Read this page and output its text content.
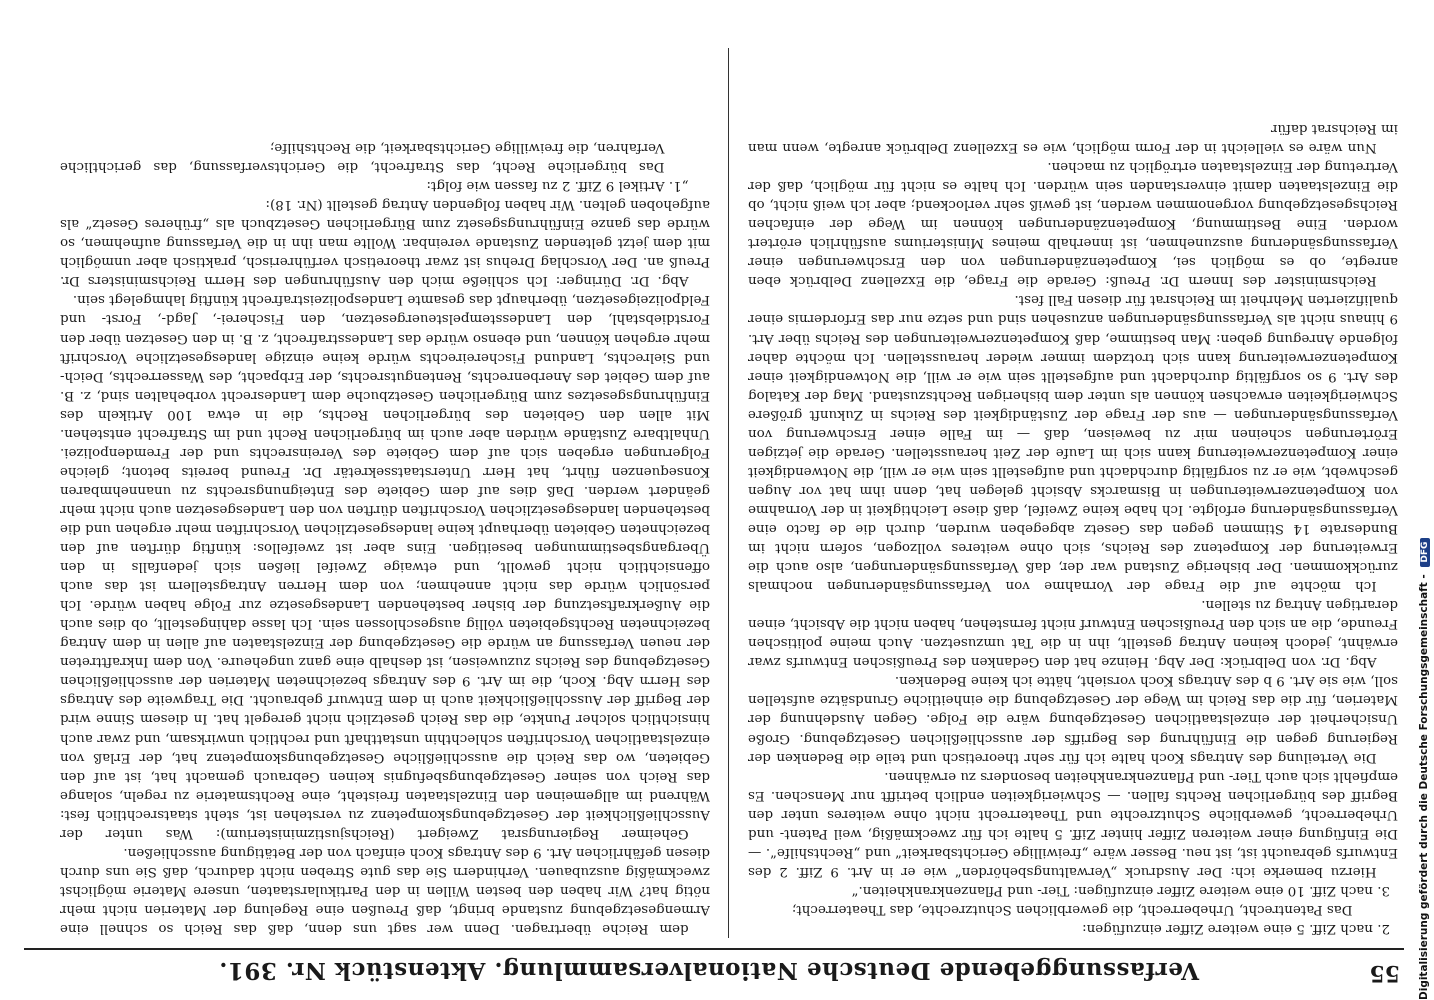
55
Verfassunggebende Deutsche Nationalversammlung. Aktenstück Nr. 391.

2. nach Ziff. 5 eine weitere Ziffer einzufügen:

Das Patentrecht, Urheberrecht, die gewerblichen Schutzrechte, das Theaterrecht;

3. nach Ziff. 10 eine weitere Ziffer einzufügen: Tier- und Pflanzenkrankheiten.“

Hierzu bemerke ich: Der Ausdruck „Verwaltungsbehörden“ wie er in Art. 9 Ziff. 2 des Entwurfs gebraucht ist, ist neu. Besser wäre „freiwillige Gerichtsbarkeit“ und „Rechtshilfe“. — Die Einfügung einer weiteren Ziffer hinter Ziff. 5 halte ich für zweckmäßig, weil Patent- und Urheberrecht, gewerbliche Schutzrechte und Theaterrecht nicht ohne weiteres unter den Begriff des bürgerlichen Rechts fallen. — Schwierigkeiten endlich betrifft nur Menschen. Es empfiehlt sich auch Tier- und Pflanzenkrankheiten besonders zu erwähnen.

Die Verteilung des Antrags Koch halte ich für sehr theoretisch und teile die Bedenken der Regierung gegen die Einführung des Begriffs der ausschließlichen Gesetzgebung. Große Unsicherheit der einzelstaatlichen Gesetzgebung wäre die Folge. Gegen Ausdehnung der Materien, für die das Reich im Wege der Gesetzgebung die einheitliche Grundsätze aufstellen soll, wie sie Art. 9 b des Antrags Koch vorsieht, hätte ich keine Bedenken.

Abg. Dr. von Delbrück: Der Abg. Heinze hat den Gedanken des Preußischen Entwurfs zwar erwähnt, jedoch keinen Antrag gestellt, ihn in die Tat umzusetzen. Auch meine politischen Freunde, die an sich den Preußischen Entwurf nicht fernstehen, haben nicht die Absicht, einen derartigen Antrag zu stellen.

Ich möchte auf die Frage der Vornahme von Verfassungsänderungen nochmals zurückkommen. Der bisherige Zustand war der, daß Verfassungsänderungen, also auch die Erweiterung der Kompetenz des Reichs, sich ohne weiteres vollzogen, sofern nicht im Bundesrate 14 Stimmen gegen das Gesetz abgegeben wurden, durch die de facto eine Verfassungsänderung erfolgte. Ich habe keine Zweifel, daß diese Leichtigkeit in der Vornahme von Kompetenzerweiterungen in Bismarcks Absicht gelegen hat, denn ihm hat vor Augen geschwebt, wie er zu sorgfältig durchdacht und aufgestellt sein wie er will, die Notwendigkeit einer Kompetenzerweiterung kann sich im Laufe der Zeit herausstellen. Gerade die jetzigen Erörterungen scheinen mir zu beweisen, daß — im Falle einer Erschwerung von Verfassungsänderungen — aus der Frage der Zuständigkeit des Reichs in Zukunft größere Schwierigkeiten erwachsen können als unter dem bisherigen Rechtszustand. Mag der Katalog des Art. 9 so sorgfältig durchdacht und aufgestellt sein wie er will, die Notwendigkeit einer Kompetenzerweiterung kann sich trotzdem immer wieder herausstellen. Ich möchte daher folgende Anregung geben: Man bestimme, daß Kompetenzerweiterungen des Reichs über Art. 9 hinaus nicht als Verfassungsänderungen anzusehen sind und setze nur das Erfordernis einer qualifizierten Mehrheit im Reichsrat für diesen Fall fest.

Reichsminister des Innern Dr. Preuß: Gerade die Frage, die Exzellenz Delbrück eben anregte, ob es möglich sei, Kompetenzänderungen von den Erschwerungen einer Verfassungsänderung auszunehmen, ist innerhalb meines Ministeriums ausführlich erörtert worden. Eine Bestimmung, Kompetenzänderungen können im Wege der einfachen Reichsgesetzgebung vorgenommen werden, ist gewiß sehr verlockend; aber ich weiß nicht, ob die Einzelstaaten damit einverstanden sein würden. Ich halte es nicht für möglich, daß der Vertretung der Einzelstaaten ertröglich zu machen.

Nun wäre es vielleicht in der Form möglich, wie es Exzellenz Delbrück anregte, wenn man im Reichsrat dafür

dem Reiche übertragen. Denn wer sagt uns denn, daß das Reich so schnell eine Armengesetzgebung zustande bringt, daß Preußen eine Regelung der Materien nicht mehr nötig hat? Wir haben den besten Willen in den Partikularstaaten, unsere Materie möglichst zweckmäßig auszubauen. Verhindern Sie das gute Streben nicht dadurch, daß Sie uns durch diesen gefährlichen Art. 9 des Antrags Koch einfach von der Betätigung ausschließen.

Geheimer Regierungsrat Zweigert (Reichsjustizministerium): Was unter der Ausschließlichkeit der Gesetzgebungskompetenz zu verstehen ist, steht staatsrechtlich fest: Während im allgemeinen den Einzelstaaten freisteht, eine Rechtsmaterie zu regeln, solange das Reich von seiner Gesetzgebungsbefugnis keinen Gebrauch gemacht hat, ist auf den Gebieten, wo das Reich die ausschließliche Gesetzgebungskompetenz hat, der Erlaß von einzelstaatlichen Vorschriften schlechthin unstatthaft und rechtlich unwirksam, und zwar auch hinsichtlich solcher Punkte, die das Reich gesetzlich nicht geregelt hat. In diesem Sinne wird der Begriff der Ausschließlichkeit auch in dem Entwurf gebraucht. Die Tragweite des Antrags des Herrn Abg. Koch, die im Art. 9 des Antrags bezeichneten Materien der ausschließlichen Gesetzgebung des Reichs zuzuweisen, ist deshalb eine ganz ungeheure. Von dem Inkrafttreten der neuen Verfassung an würde die Gesetzgebung der Einzelstaaten auf allen in dem Antrag bezeichneten Rechtsgebieten völlig ausgeschlossen sein. Ich lasse dahingestellt, ob dies auch die Außerkraftsetzung der bisher bestehenden Landesgesetze zur Folge haben würde. Ich persönlich würde das nicht annehmen; von dem Herren Antragstellern ist das auch offensichtlich nicht gewollt, und etwaige Zweifel ließen sich jedenfalls in den Übergangsbestimmungen beseitigen. Eins aber ist zweifellos: künftig dürften auf den bezeichneten Gebieten überhaupt keine landesgesetzlichen Vorschriften mehr ergehen und die bestehenden landesgesetzlichen Vorschriften dürften von den Landesgesetzen auch nicht mehr geändert werden. Daß dies auf dem Gebiete des Enteignungsrechts zu unannehmbaren Konsequenzen führt, hat Herr Unterstaatssekretär Dr. Freund bereits betont; gleiche Folgerungen ergeben sich auf dem Gebiete des Vereinsrechts und der Fremdenpolizei. Unhaltbare Zustände würden aber auch im bürgerlichen Recht und im Strafrecht entstehen. Mit allen den Gebieten des bürgerlichen Rechts, die in etwa 100 Artikeln des Einführungsgesetzes zum Bürgerlichen Gesetzbuche dem Landesrecht vorbehalten sind, z. B. auf dem Gebiet des Anerbenrechts, Rentengutsrechts, der Erbpacht, des Wasserrechts, Deich- und Sielrechts, Landund Fischereirechts würde keine einzige landesgesetzliche Vorschrift mehr ergehen können, und ebenso würde das Landesstrafrecht, z. B. in den Gesetzen über den Forstdiebstahl, den Landesstempelsteuergesetzen, den Fischerei-, Jagd-, Forst- und Feldpolizeigesetzen, überhaupt das gesamte Landespolizeistrafrecht künftig lahmgelegt sein.

Abg. Dr. Düringer: Ich schließe mich den Ausführungen des Herrn Reichsministers Dr. Preuß an. Der Vorschlag Drehus ist zwar theoretisch verführerisch, praktisch aber unmöglich mit dem jetzt geltenden Zustande vereinbar. Wollte man ihn in die Verfassung aufnehmen, so würde das ganze Einführungsgesetz zum Bürgerlichen Gesetzbuch als „früheres Gesetz“ als aufgehoben gelten. Wir haben folgenden Antrag gestellt (Nr. 18):

„1. Artikel 9 Ziff. 2 zu fassen wie folgt:

Das bürgerliche Recht, das Strafrecht, die Gerichtsverfassung, das gerichtliche Verfahren, die freiwillige Gerichtsbarkeit, die Rechtshilfe;

Digitalisierung gefördert durch die Deutsche Forschungsgemeinschaft - DFG
